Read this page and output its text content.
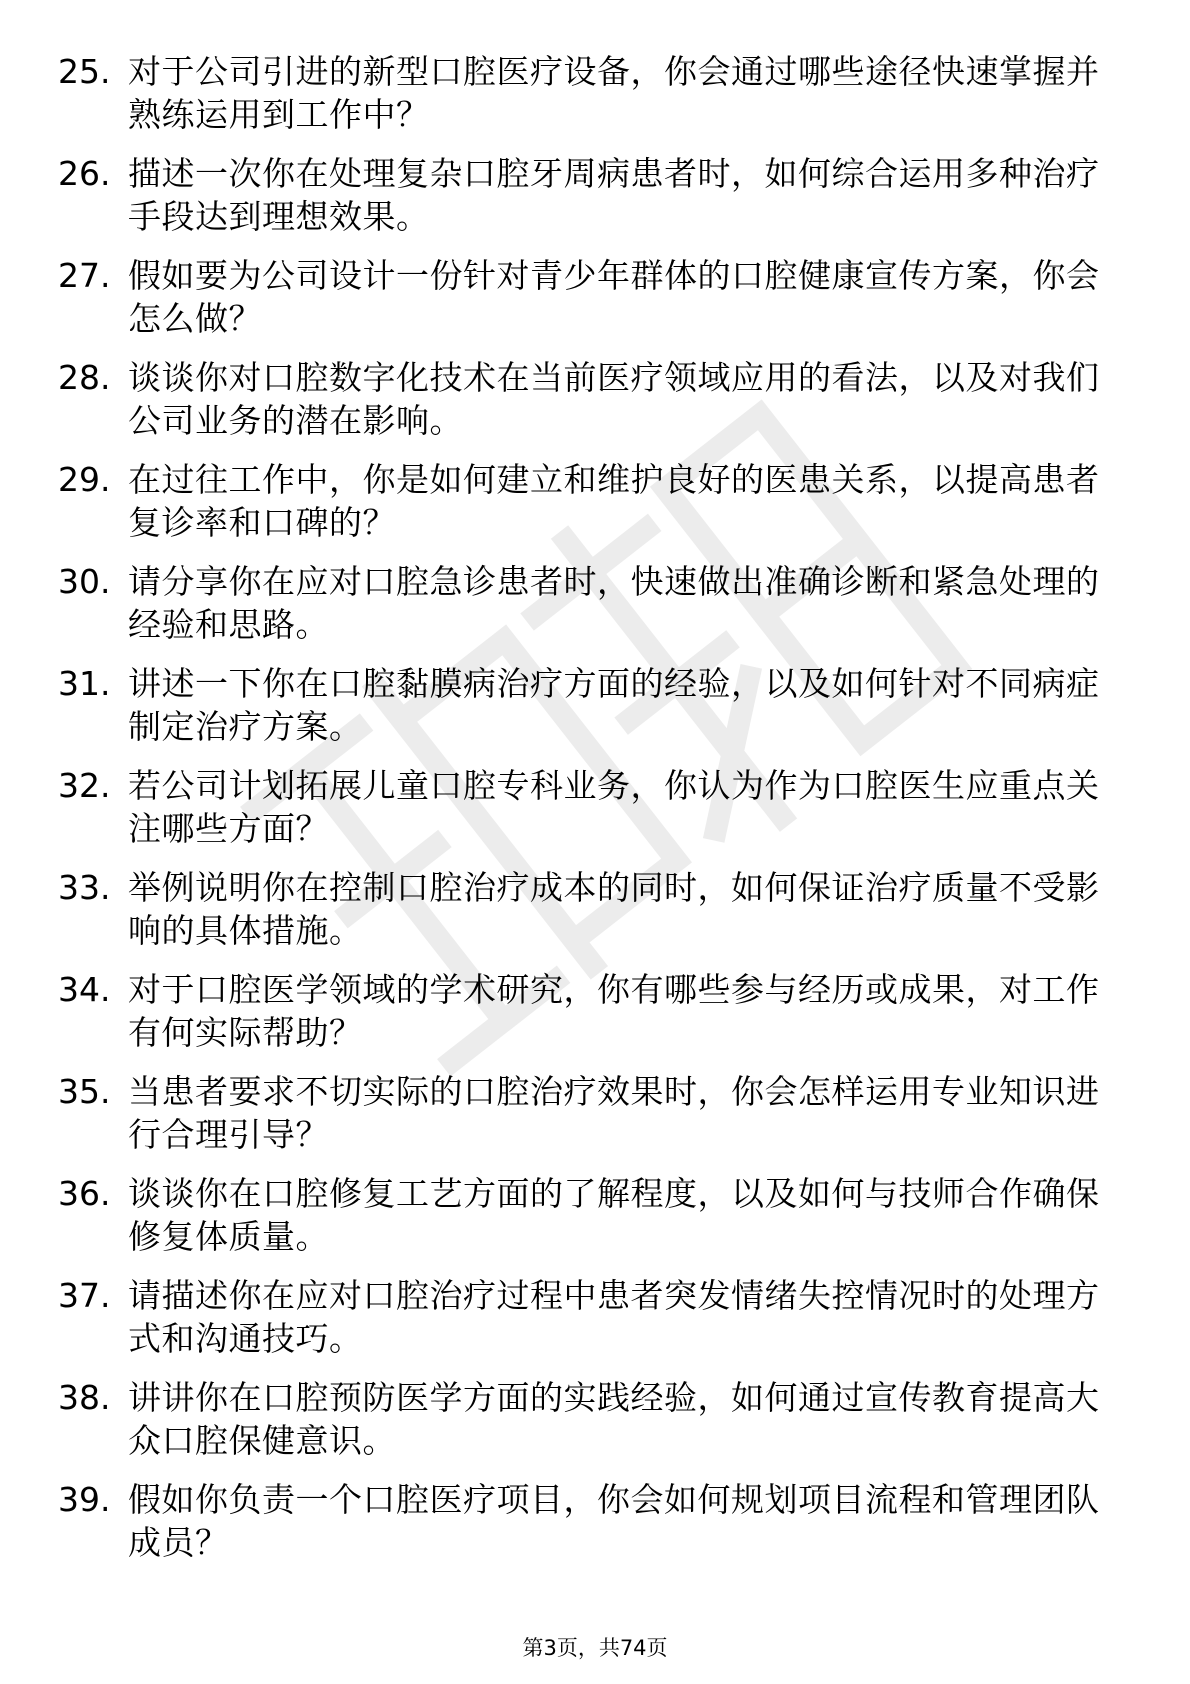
25. 对于公司引进的新型口腔医疗设备，你会通过哪些途径快速掌握并熟练运用到工作中？
26. 描述一次你在处理复杂口腔牙周病患者时，如何综合运用多种治疗手段达到理想效果。
27. 假如要为公司设计一份针对青少年群体的口腔健康宣传方案，你会怎么做？
28. 谈谈你对口腔数字化技术在当前医疗领域应用的看法，以及对我们公司业务的潜在影响。
29. 在过往工作中，你是如何建立和维护良好的医患关系，以提高患者复诊率和口碑的？
30. 请分享你在应对口腔急诊患者时，快速做出准确诊断和紧急处理的经验和思路。
31. 讲述一下你在口腔黏膜病治疗方面的经验，以及如何针对不同病症制定治疗方案。
32. 若公司计划拓展儿童口腔专科业务，你认为作为口腔医生应重点关注哪些方面？
33. 举例说明你在控制口腔治疗成本的同时，如何保证治疗质量不受影响的具体措施。
34. 对于口腔医学领域的学术研究，你有哪些参与经历或成果，对工作有何实际帮助？
35. 当患者要求不切实际的口腔治疗效果时，你会怎样运用专业知识进行合理引导？
36. 谈谈你在口腔修复工艺方面的了解程度，以及如何与技师合作确保修复体质量。
37. 请描述你在应对口腔治疗过程中患者突发情绪失控情况时的处理方式和沟通技巧。
38. 讲讲你在口腔预防医学方面的实践经验，如何通过宣传教育提高大众口腔保健意识。
39. 假如你负责一个口腔医疗项目，你会如何规划项目流程和管理团队成员？
第3页，共74页
